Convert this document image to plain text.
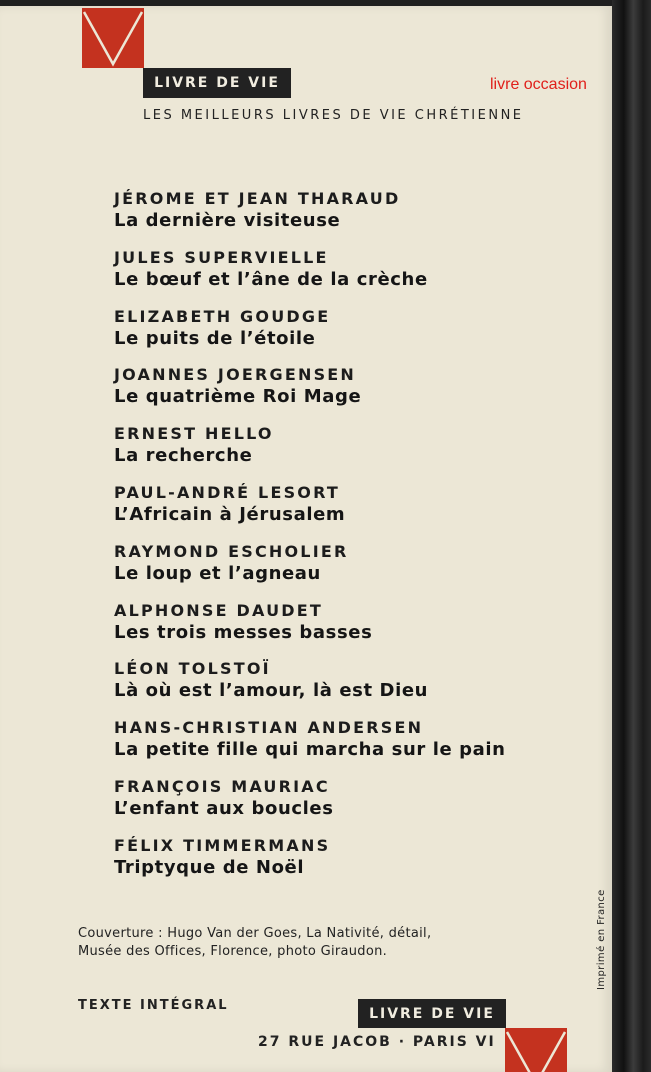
LIVRE DE VIE	livre occasion
LES MEILLEURS LIVRES DE VIE CHRÉTIENNE
JÉROME ET JEAN THARAUD
La dernière visiteuse
JULES SUPERVIELLE
Le bœuf et l’âne de la crèche
ELIZABETH GOUDGE
Le puits de l’étoile
JOANNES JOERGENSEN
Le quatrième Roi Mage
ERNEST HELLO
La recherche
PAUL-ANDRÉ LESORT
L’Africain à Jérusalem
RAYMOND ESCHOLIER
Le loup et l’agneau
ALPHONSE DAUDET
Les trois messes basses
LÉON TOLSTOÏ
Là où est l’amour, là est Dieu
HANS-CHRISTIAN ANDERSEN
La petite fille qui marcha sur le pain
FRANÇOIS MAURIAC
L’enfant aux boucles
FÉLIX TIMMERMANS
Triptyque de Noël
Couverture : Hugo Van der Goes, La Nativité, détail,
Musée des Offices, Florence, photo Giraudon.
TEXTE INTÉGRAL	LIVRE DE VIE
27 RUE JACOB · PARIS VI
Imprimé en France
